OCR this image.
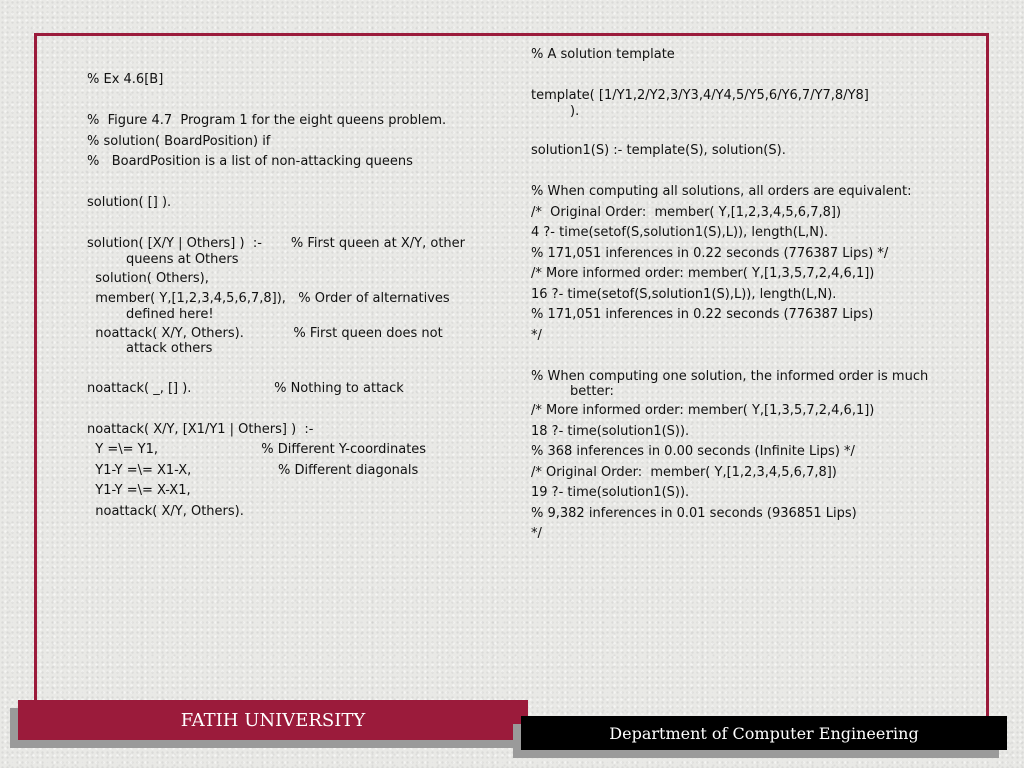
% Ex 4.6[B]
%  Figure 4.7  Program 1 for the eight queens problem.
% solution( BoardPosition) if
%   BoardPosition is a list of non-attacking queens
solution( [] ).
solution( [X/Y | Others] )  :-       % First queen at X/Y, other
queens at Others
solution( Others),
member( Y,[1,2,3,4,5,6,7,8]),   % Order of alternatives
defined here!
noattack( X/Y, Others).            % First queen does not
attack others
noattack( _, [] ).                    % Nothing to attack
noattack( X/Y, [X1/Y1 | Others] )  :-
Y =\= Y1,                         % Different Y-coordinates
Y1-Y =\= X1-X,                     % Different diagonals
Y1-Y =\= X-X1,
noattack( X/Y, Others).
% A solution template
template( [1/Y1,2/Y2,3/Y3,4/Y4,5/Y5,6/Y6,7/Y7,8/Y8]
).
solution1(S) :- template(S), solution(S).
% When computing all solutions, all orders are equivalent:
/*  Original Order:  member( Y,[1,2,3,4,5,6,7,8])
4 ?- time(setof(S,solution1(S),L)), length(L,N).
% 171,051 inferences in 0.22 seconds (776387 Lips) */
/* More informed order: member( Y,[1,3,5,7,2,4,6,1])
16 ?- time(setof(S,solution1(S),L)), length(L,N).
% 171,051 inferences in 0.22 seconds (776387 Lips)
*/
% When computing one solution, the informed order is much
better:
/* More informed order: member( Y,[1,3,5,7,2,4,6,1])
18 ?- time(solution1(S)).
% 368 inferences in 0.00 seconds (Infinite Lips) */
/* Original Order:  member( Y,[1,2,3,4,5,6,7,8])
19 ?- time(solution1(S)).
% 9,382 inferences in 0.01 seconds (936851 Lips)
*/
FATIH UNIVERSITY
Department of Computer Engineering
